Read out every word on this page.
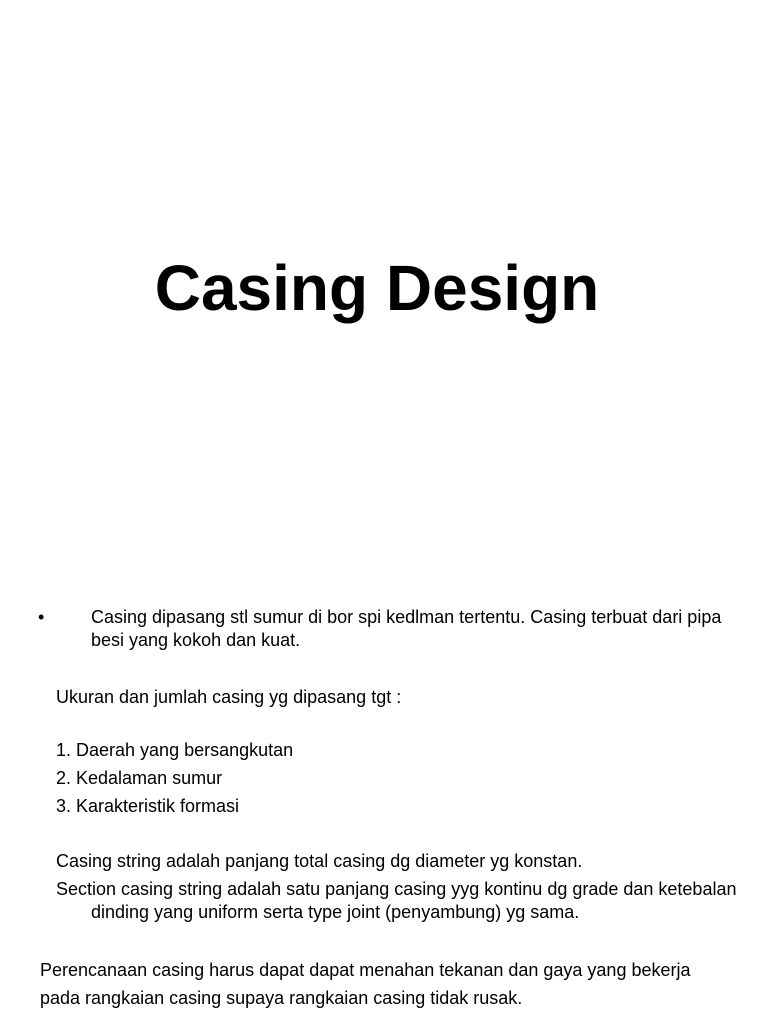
Casing Design
•	Casing dipasang stl sumur di bor spi kedlman tertentu. Casing terbuat dari pipa besi yang kokoh dan kuat.
Ukuran dan jumlah casing yg dipasang tgt :
1. Daerah yang bersangkutan
2. Kedalaman sumur
3. Karakteristik formasi
Casing string adalah panjang total casing dg diameter yg konstan.
Section casing string adalah satu panjang casing yyg kontinu dg grade dan ketebalan dinding yang uniform serta type joint (penyambung) yg sama.
Perencanaan casing harus dapat dapat menahan tekanan dan gaya yang bekerja pada rangkaian casing supaya rangkaian casing tidak rusak.
